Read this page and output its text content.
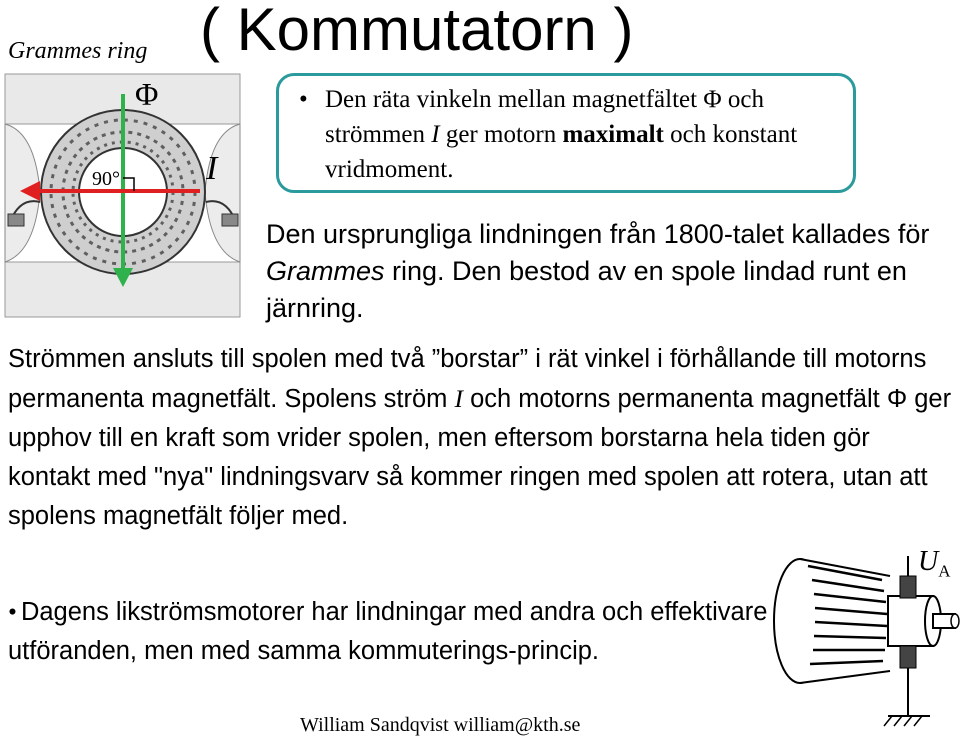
Grammes ring ( Kommutatorn )
Φ
I
90°
• Den räta vinkeln mellan magnetfältet Φ och strömmen I ger motorn maximalt och konstant vridmoment.
Den ursprungliga lindningen från 1800-talet kallades för Grammes ring. Den bestod av en spole lindad runt en järnring.
Strömmen ansluts till spolen med två ”borstar” i rät vinkel i förhållande till motorns permanenta magnetfält. Spolens ström I och motorns permanenta magnetfält Φ ger upphov till en kraft som vrider spolen, men eftersom borstarna hela tiden gör kontakt med "nya" lindningsvarv så kommer ringen med spolen att rotera, utan att spolens magnetfält följer med.
• Dagens likströmsmotorer har lindningar med andra och effektivare utföranden, men med samma kommuterings-princip.
$U_A$
William Sandqvist william@kth.se
